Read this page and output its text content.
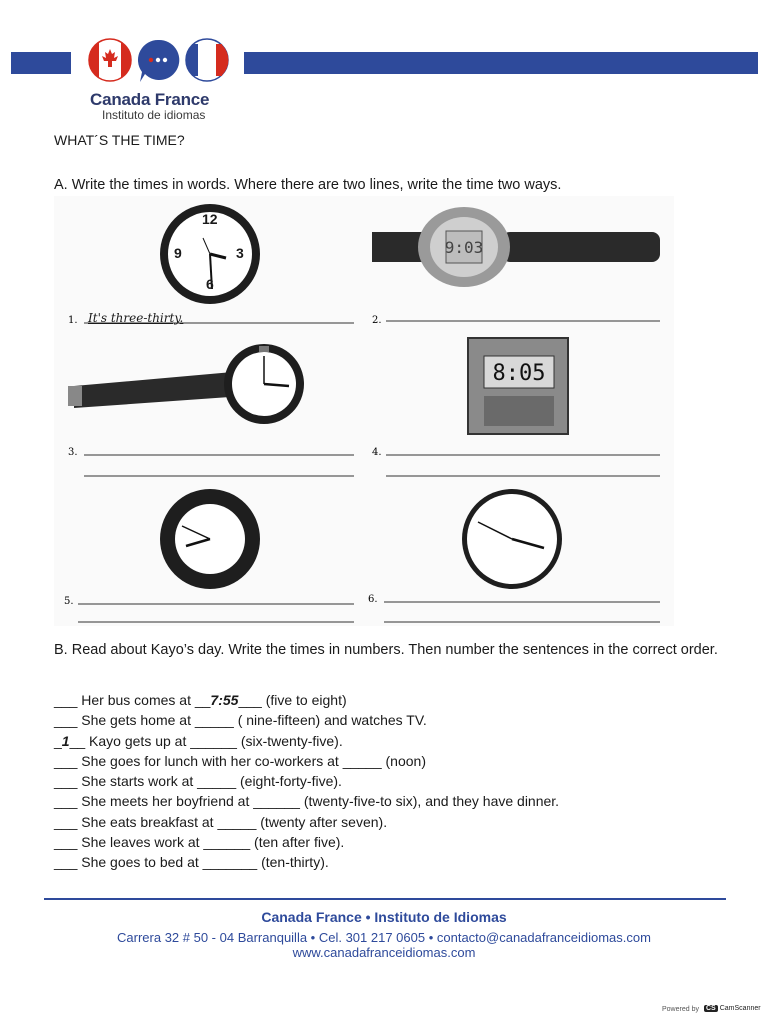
Canada France
Instituto de idiomas
WHAT´S THE TIME?
A. Write the times in words. Where there are two lines, write the time two ways.
9:03
1.	2.
8:05
3.	4.
5.	6.
12
3
6
9
It's three-thirty.
B. Read about Kayo’s day. Write the times in numbers. Then number the sentences in the correct order.
___ Her bus comes at __7:55___ (five to eight)
___ She gets home at _____ ( nine-fifteen) and watches TV.
_1__ Kayo gets up at ______ (six-twenty-five).
___ She goes for lunch with her co-workers at _____ (noon)
___ She starts work at _____ (eight-forty-five).
___ She meets her boyfriend at ______ (twenty-five-to six), and they have dinner.
___ She eats breakfast at _____ (twenty after seven).
___ She leaves work at ______ (ten after five).
___ She goes to bed at _______ (ten-thirty).
Canada France • Instituto de Idiomas
Carrera 32 # 50 - 04 Barranquilla • Cel. 301 217 0605 • contacto@canadafranceidiomas.com
www.canadafranceidiomas.com
Powered by CS CamScanner
